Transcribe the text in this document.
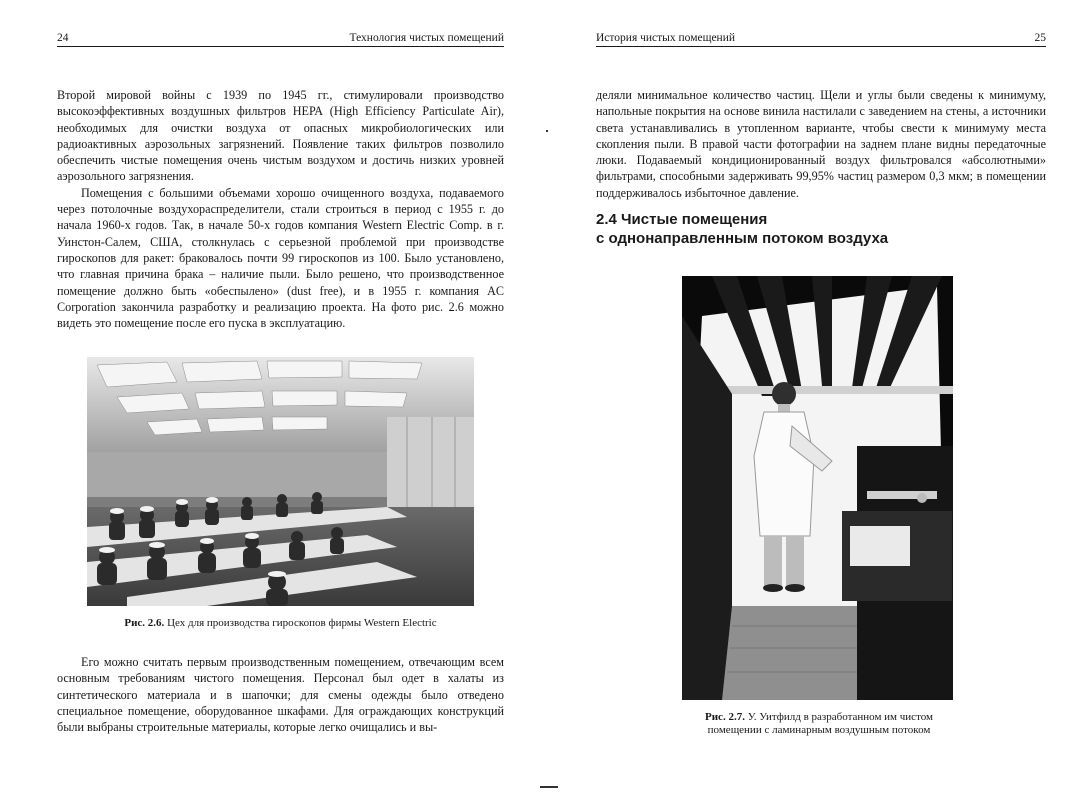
24	Технология чистых помещений

Второй мировой войны с 1939 по 1945 гг., стимулировали производство высокоэффективных воздушных фильтров НЕРА (High Efficiency Particulate Air), необходимых для очистки воздуха от опасных микробиологических или радиоактивных аэрозольных загрязнений. Появление таких фильтров позволило обеспечить чистые помещения очень чистым воздухом и достичь низких уровней аэрозольного загрязнения.

Помещения с большими объемами хорошо очищенного воздуха, подаваемого через потолочные воздухораспределители, стали строиться в период с 1955 г. до начала 1960-х годов. Так, в начале 50-х годов компания Western Electric Comp. в г. Уинстон-Салем, США, столкнулась с серьезной проблемой при производстве гироскопов для ракет: браковалось почти 99 гироскопов из 100. Было установлено, что главная причина брака – наличие пыли. Было решено, что производственное помещение должно быть «обеспылено» (dust free), и в 1955 г. компания AC Corporation закончила разработку и реализацию проекта. На фото рис. 2.6 можно видеть это помещение после его пуска в эксплуатацию.

Рис. 2.6. Цех для производства гироскопов фирмы Western Electric

Его можно считать первым производственным помещением, отвечающим всем основным требованиям чистого помещения. Персонал был одет в халаты из синтетического материала и в шапочки; для смены одежды было отведено специальное помещение, оборудованное шкафами. Для ограждающих конструкций были выбраны строительные материалы, которые легко очищались и вы-

История чистых помещений	25

деляли минимальное количество частиц. Щели и углы были сведены к минимуму, напольные покрытия на основе винила настилали с заведением на стены, а источники света устанавливались в утопленном варианте, чтобы свести к минимуму места скопления пыли. В правой части фотографии на заднем плане видны передаточные люки. Подаваемый кондиционированный воздух фильтровался «абсолютными» фильтрами, способными задерживать 99,95% частиц размером 0,3 мкм; в помещении поддерживалось избыточное давление.

2.4 Чистые помещения
с однонаправленным потоком воздуха
Рис. 2.7. У. Уитфилд в разработанном им чистом
помещении с ламинарным воздушным потоком
